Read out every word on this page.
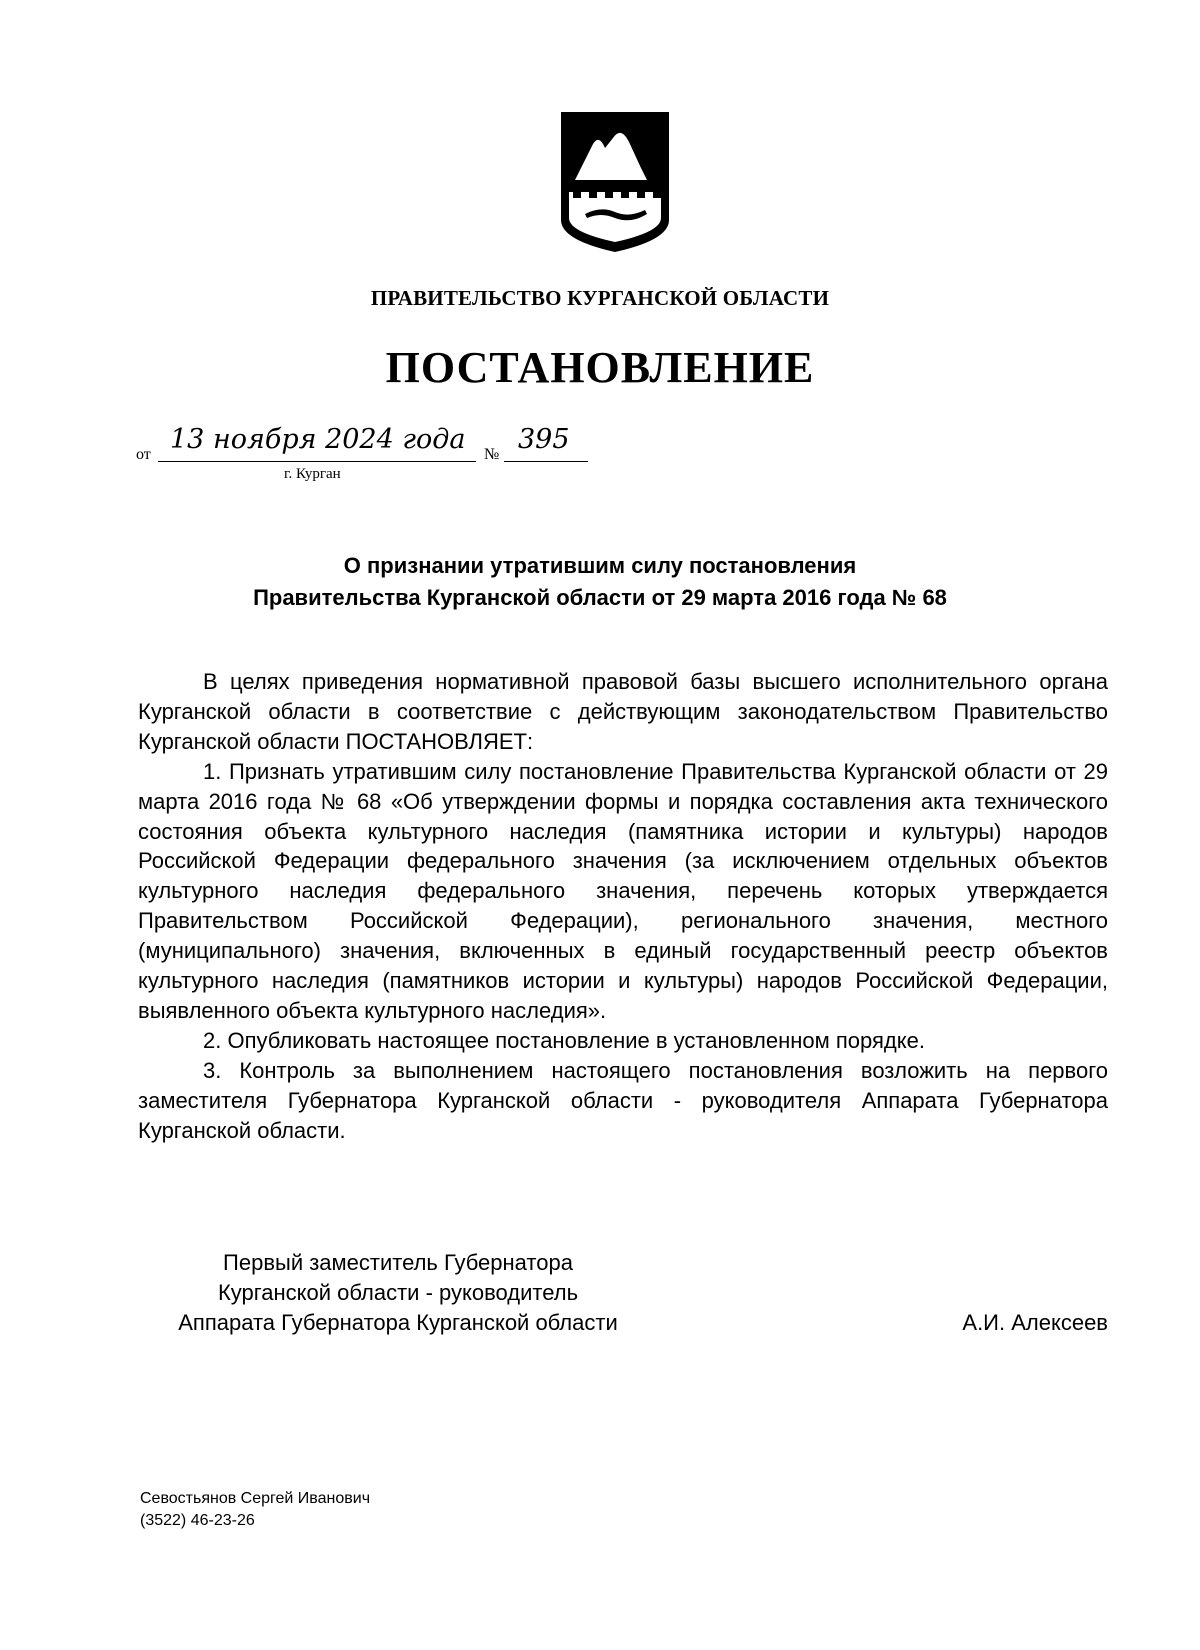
ПРАВИТЕЛЬСТВО КУРГАНСКОЙ ОБЛАСТИ
ПОСТАНОВЛЕНИЕ
от 13 ноября 2024 года № 395
г. Курган
О признании утратившим силу постановления
Правительства Курганской области от 29 марта 2016 года № 68

В целях приведения нормативной правовой базы высшего исполнительного органа Курганской области в соответствие с действующим законодательством Правительство Курганской области ПОСТАНОВЛЯЕТ:

1. Признать утратившим силу постановление Правительства Курганской области от 29 марта 2016 года № 68 «Об утверждении формы и порядка составления акта технического состояния объекта культурного наследия (памятника истории и культуры) народов Российской Федерации федерального значения (за исключением отдельных объектов культурного наследия федерального значения, перечень которых утверждается Правительством Российской Федерации), регионального значения, местного (муниципального) значения, включенных в единый государственный реестр объектов культурного наследия (памятников истории и культуры) народов Российской Федерации, выявленного объекта культурного наследия».

2. Опубликовать настоящее постановление в установленном порядке.

3. Контроль за выполнением настоящего постановления возложить на первого заместителя Губернатора Курганской области - руководителя Аппарата Губернатора Курганской области.

Первый заместитель Губернатора
Курганской области - руководитель
Аппарата Губернатора Курганской области	А.И. Алексеев
Севостьянов Сергей Иванович
(3522) 46-23-26
